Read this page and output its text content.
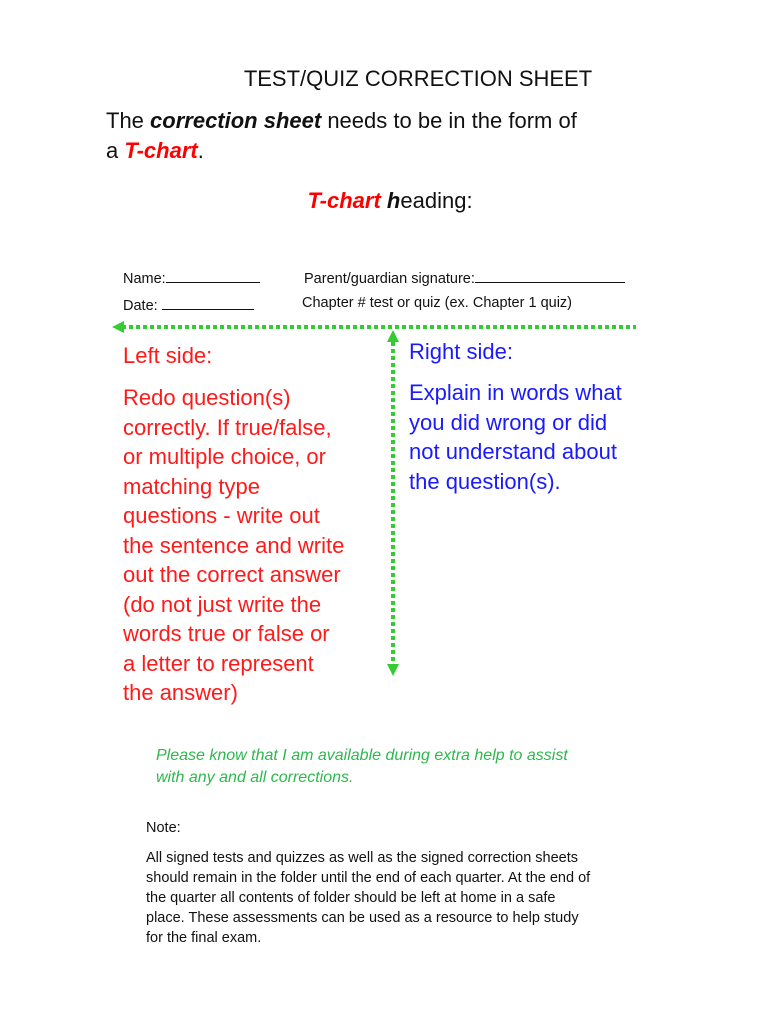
TEST/QUIZ CORRECTION SHEET
The correction sheet needs to be in the form of
a T-chart.
T-chart heading:
Name:	Parent/guardian signature:
Date:	Chapter # test or quiz (ex. Chapter 1 quiz)
Left side:
Redo question(s)
correctly. If true/false,
or multiple choice, or
matching type
questions - write out
the sentence and write
out the correct answer
(do not just write the
words true or false or
a letter to represent
the answer)
Right side:
Explain in words what
you did wrong or did
not understand about
the question(s).
Please know that I am available during extra help to assist
with any and all corrections.
Note:
All signed tests and quizzes as well as the signed correction sheets
should remain in the folder until the end of each quarter. At the end of
the quarter all contents of folder should be left at home in a safe
place. These assessments can be used as a resource to help study
for the final exam.
